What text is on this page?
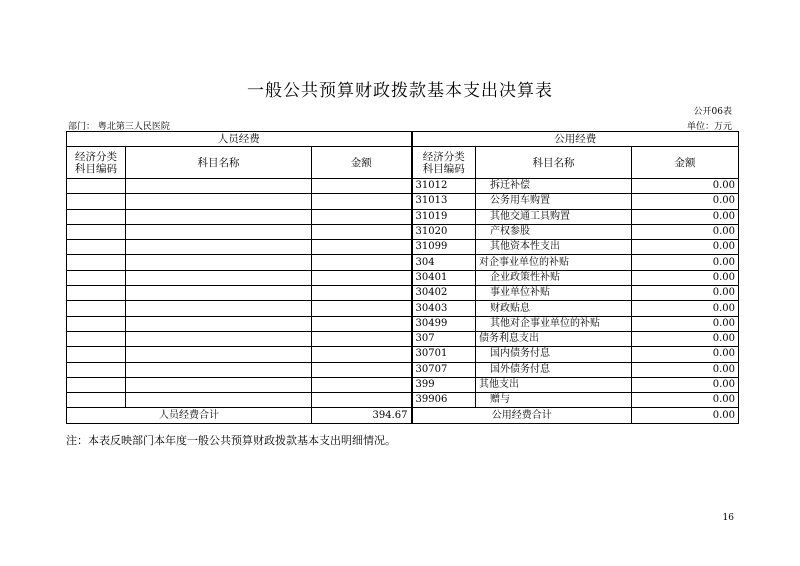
一般公共预算财政拨款基本支出决算表
公开06表
部门： 粤北第三人民医院	单位：万元
人员经费			公用经费		
经济分类
科目编码	科目名称	金额	经济分类
科目编码	科目名称	金额
			31012	拆迁补偿	0.00
			31013	公务用车购置	0.00
			31019	其他交通工具购置	0.00
			31020	产权参股	0.00
			31099	其他资本性支出	0.00
			304	对企事业单位的补贴	0.00
			30401	企业政策性补贴	0.00
			30402	事业单位补贴	0.00
			30403	财政贴息	0.00
			30499	其他对企事业单位的补贴	0.00
			307	债务利息支出	0.00
			30701	国内债务付息	0.00
			30707	国外债务付息	0.00
			399	其他支出	0.00
			39906	赠与	0.00
人员经费合计		394.67	公用经费合计		0.00
注：本表反映部门本年度一般公共预算财政拨款基本支出明细情况。
16
